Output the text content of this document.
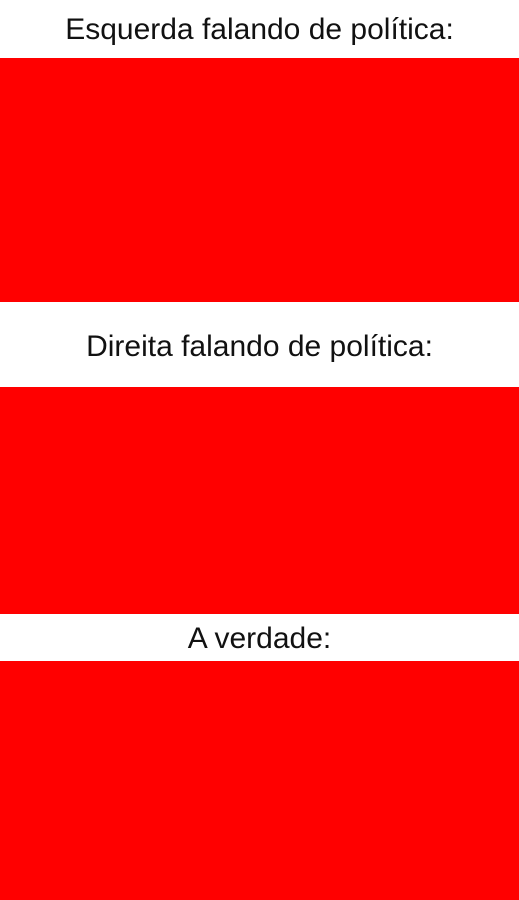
Esquerda falando de política:
Direita falando de política:
A verdade:
